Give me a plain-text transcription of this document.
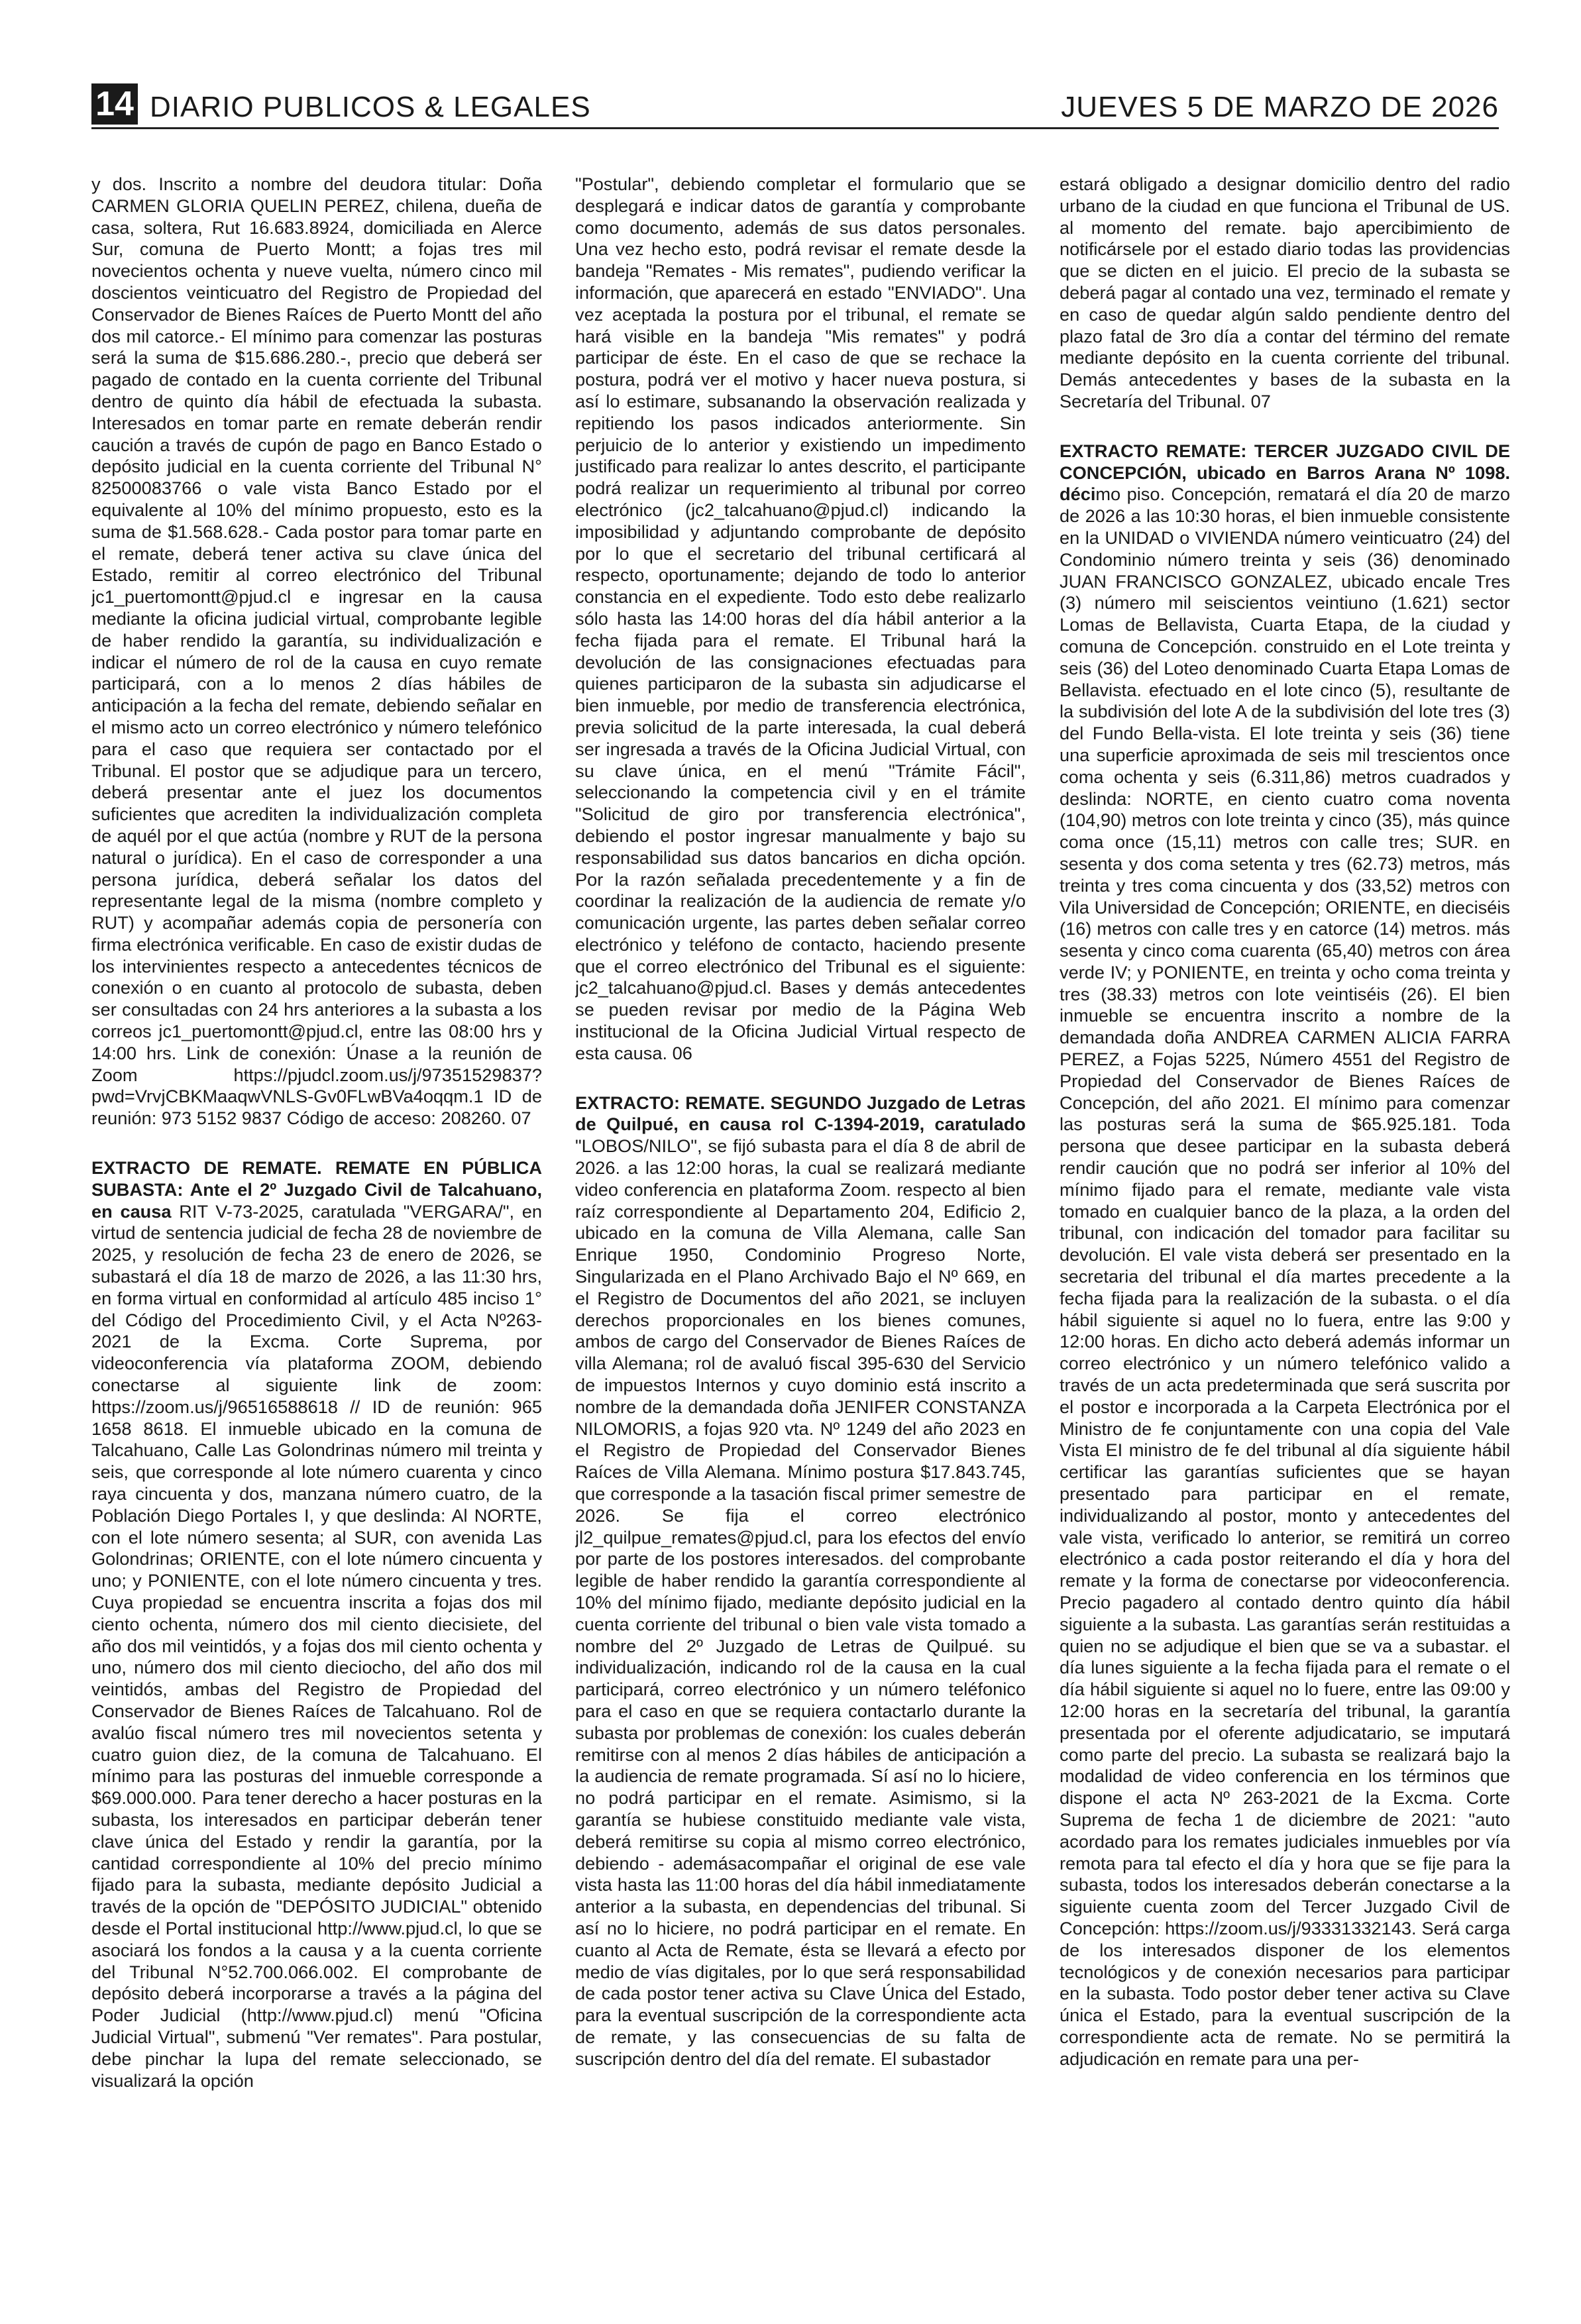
14 DIARIO PUBLICOS & LEGALES	JUEVES 5 DE MARZO DE 2026

y dos. Inscrito a nombre del deudora titular: Doña CARMEN GLORIA QUELIN PEREZ, chilena, dueña de casa, soltera, Rut 16.683.8924, domiciliada en Alerce Sur, comuna de Puerto Montt; a fojas tres mil novecientos ochenta y nueve vuelta, número cinco mil doscientos veinticuatro del Registro de Propiedad del Conservador de Bienes Raíces de Puerto Montt del año dos mil catorce.- El mínimo para comenzar las posturas será la suma de $15.686.280.-, precio que deberá ser pagado de contado en la cuenta corriente del Tribunal dentro de quinto día hábil de efectuada la subasta. Interesados en tomar parte en remate deberán rendir caución a través de cupón de pago en Banco Estado o depósito judicial en la cuenta corriente del Tribunal N° 82500083766 o vale vista Banco Estado por el equivalente al 10% del mínimo propuesto, esto es la suma de $1.568.628.- Cada postor para tomar parte en el remate, deberá tener activa su clave única del Estado, remitir al correo electrónico del Tribunal jc1_puertomontt@pjud.cl e ingresar en la causa mediante la oficina judicial virtual, comprobante legible de haber rendido la garantía, su individualización e indicar el número de rol de la causa en cuyo remate participará, con a lo menos 2 días hábiles de anticipación a la fecha del remate, debiendo señalar en el mismo acto un correo electrónico y número telefónico para el caso que requiera ser contactado por el Tribunal. El postor que se adjudique para un tercero, deberá presentar ante el juez los documentos suficientes que acrediten la individualización completa de aquél por el que actúa (nombre y RUT de la persona natural o jurídica). En el caso de corresponder a una persona jurídica, deberá señalar los datos del representante legal de la misma (nombre completo y RUT) y acompañar además copia de personería con firma electrónica verificable. En caso de existir dudas de los intervinientes respecto a antecedentes técnicos de conexión o en cuanto al protocolo de subasta, deben ser consultadas con 24 hrs anteriores a la subasta a los correos jc1_puertomontt@pjud.cl, entre las 08:00 hrs y 14:00 hrs. Link de conexión: Únase a la reunión de Zoom https://pjudcl.zoom.us/j/97351529837?pwd=VrvjCBKMaaqwVNLS-Gv0FLwBVa4oqqm.1 ID de reunión: 973 5152 9837 Código de acceso: 208260. 07

EXTRACTO DE REMATE. REMATE EN PÚBLICA SUBASTA: Ante el 2º Juzgado Civil de Talcahuano, en causa RIT V-73-2025, caratulada "VERGARA/", en virtud de sentencia judicial de fecha 28 de noviembre de 2025, y resolución de fecha 23 de enero de 2026, se subastará el día 18 de marzo de 2026, a las 11:30 hrs, en forma virtual en conformidad al artículo 485 inciso 1° del Código del Procedimiento Civil, y el Acta Nº263- 2021 de la Excma. Corte Suprema, por videoconferencia vía plataforma ZOOM, debiendo conectarse al siguiente link de zoom: https://zoom.us/j/96516588618 // ID de reunión: 965 1658 8618. El inmueble ubicado en la comuna de Talcahuano, Calle Las Golondrinas número mil treinta y seis, que corresponde al lote número cuarenta y cinco raya cincuenta y dos, manzana número cuatro, de la Población Diego Portales I, y que deslinda: Al NORTE, con el lote número sesenta; al SUR, con avenida Las Golondrinas; ORIENTE, con el lote número cincuenta y uno; y PONIENTE, con el lote número cincuenta y tres. Cuya propiedad se encuentra inscrita a fojas dos mil ciento ochenta, número dos mil ciento diecisiete, del año dos mil veintidós, y a fojas dos mil ciento ochenta y uno, número dos mil ciento dieciocho, del año dos mil veintidós, ambas del Registro de Propiedad del Conservador de Bienes Raíces de Talcahuano. Rol de avalúo fiscal número tres mil novecientos setenta y cuatro guion diez, de la comuna de Talcahuano. El mínimo para las posturas del inmueble corresponde a $69.000.000. Para tener derecho a hacer posturas en la subasta, los interesados en participar deberán tener clave única del Estado y rendir la garantía, por la cantidad correspondiente al 10% del precio mínimo fijado para la subasta, mediante depósito Judicial a través de la opción de "DEPÓSITO JUDICIAL" obtenido desde el Portal institucional http://www.pjud.cl, lo que se asociará los fondos a la causa y a la cuenta corriente del Tribunal N°52.700.066.002. El comprobante de depósito deberá incorporarse a través a la página del Poder Judicial (http://www.pjud.cl) menú "Oficina Judicial Virtual", submenú "Ver remates". Para postular, debe pinchar la lupa del remate seleccionado, se visualizará la opción

"Postular", debiendo completar el formulario que se desplegará e indicar datos de garantía y comprobante como documento, además de sus datos personales. Una vez hecho esto, podrá revisar el remate desde la bandeja "Remates - Mis remates", pudiendo verificar la información, que aparecerá en estado "ENVIADO". Una vez aceptada la postura por el tribunal, el remate se hará visible en la bandeja "Mis remates" y podrá participar de éste. En el caso de que se rechace la postura, podrá ver el motivo y hacer nueva postura, si así lo estimare, subsanando la observación realizada y repitiendo los pasos indicados anteriormente. Sin perjuicio de lo anterior y existiendo un impedimento justificado para realizar lo antes descrito, el participante podrá realizar un requerimiento al tribunal por correo electrónico (jc2_talcahuano@pjud.cl) indicando la imposibilidad y adjuntando comprobante de depósito por lo que el secretario del tribunal certificará al respecto, oportunamente; dejando de todo lo anterior constancia en el expediente. Todo esto debe realizarlo sólo hasta las 14:00 horas del día hábil anterior a la fecha fijada para el remate. El Tribunal hará la devolución de las consignaciones efectuadas para quienes participaron de la subasta sin adjudicarse el bien inmueble, por medio de transferencia electrónica, previa solicitud de la parte interesada, la cual deberá ser ingresada a través de la Oficina Judicial Virtual, con su clave única, en el menú "Trámite Fácil", seleccionando la competencia civil y en el trámite "Solicitud de giro por transferencia electrónica", debiendo el postor ingresar manualmente y bajo su responsabilidad sus datos bancarios en dicha opción. Por la razón señalada precedentemente y a fin de coordinar la realización de la audiencia de remate y/o comunicación urgente, las partes deben señalar correo electrónico y teléfono de contacto, haciendo presente que el correo electrónico del Tribunal es el siguiente: jc2_talcahuano@pjud.cl. Bases y demás antecedentes se pueden revisar por medio de la Página Web institucional de la Oficina Judicial Virtual respecto de esta causa. 06

EXTRACTO: REMATE. SEGUNDO Juzgado de Letras de Quilpué, en causa rol C-1394-2019, caratulado "LOBOS/NILO", se fijó subasta para el día 8 de abril de 2026. a las 12:00 horas, la cual se realizará mediante video conferencia en plataforma Zoom. respecto al bien raíz correspondiente al Departamento 204, Edificio 2, ubicado en la comuna de Villa Alemana, calle San Enrique 1950, Condominio Progreso Norte, Singularizada en el Plano Archivado Bajo el Nº 669, en el Registro de Documentos del año 2021, se incluyen derechos proporcionales en los bienes comunes, ambos de cargo del Conservador de Bienes Raíces de villa Alemana; rol de avaluó fiscal 395-630 del Servicio de impuestos Internos y cuyo dominio está inscrito a nombre de la demandada doña JENIFER CONSTANZA NILOMORIS, a fojas 920 vta. Nº 1249 del año 2023 en el Registro de Propiedad del Conservador Bienes Raíces de Villa Alemana. Mínimo postura $17.843.745, que corresponde a la tasación fiscal primer semestre de 2026. Se fija el correo electrónico jl2_quilpue_remates@pjud.cl, para los efectos del envío por parte de los postores interesados. del comprobante legible de haber rendido la garantía correspondiente al 10% del mínimo fijado, mediante depósito judicial en la cuenta corriente del tribunal o bien vale vista tomado a nombre del 2º Juzgado de Letras de Quilpué. su individualización, indicando rol de la causa en la cual participará, correo electrónico y un número teléfonico para el caso en que se requiera contactarlo durante la subasta por problemas de conexión: los cuales deberán remitirse con al menos 2 días hábiles de anticipación a la audiencia de remate programada. Sí así no lo hiciere, no podrá participar en el remate. Asimismo, si la garantía se hubiese constituido mediante vale vista, deberá remitirse su copia al mismo correo electrónico, debiendo - ademásacompañar el original de ese vale vista hasta las 11:00 horas del día hábil inmediatamente anterior a la subasta, en dependencias del tribunal. Si así no lo hiciere, no podrá participar en el remate. En cuanto al Acta de Remate, ésta se llevará a efecto por medio de vías digitales, por lo que será responsabilidad de cada postor tener activa su Clave Única del Estado, para la eventual suscripción de la correspondiente acta de remate, y las consecuencias de su falta de suscripción dentro del día del remate. El subastador

estará obligado a designar domicilio dentro del radio urbano de la ciudad en que funciona el Tribunal de US. al momento del remate. bajo apercibimiento de notificársele por el estado diario todas las providencias que se dicten en el juicio. El precio de la subasta se deberá pagar al contado una vez, terminado el remate y en caso de quedar algún saldo pendiente dentro del plazo fatal de 3ro día a contar del término del remate mediante depósito en la cuenta corriente del tribunal. Demás antecedentes y bases de la subasta en la Secretaría del Tribunal. 07

EXTRACTO REMATE: TERCER JUZGADO CIVIL DE CONCEPCIÓN, ubicado en Barros Arana Nº 1098. décimo piso. Concepción, rematará el día 20 de marzo de 2026 a las 10:30 horas, el bien inmueble consistente en la UNIDAD o VIVIENDA número veinticuatro (24) del Condominio número treinta y seis (36) denominado JUAN FRANCISCO GONZALEZ, ubicado encale Tres (3) número mil seiscientos veintiuno (1.621) sector Lomas de Bellavista, Cuarta Etapa, de la ciudad y comuna de Concepción. construido en el Lote treinta y seis (36) del Loteo denominado Cuarta Etapa Lomas de Bellavista. efectuado en el lote cinco (5), resultante de la subdivisión del lote A de la subdivisión del lote tres (3) del Fundo Bella-vista. El lote treinta y seis (36) tiene una superficie aproximada de seis mil trescientos once coma ochenta y seis (6.311,86) metros cuadrados y deslinda: NORTE, en ciento cuatro coma noventa (104,90) metros con lote treinta y cinco (35), más quince coma once (15,11) metros con calle tres; SUR. en sesenta y dos coma setenta y tres (62.73) metros, más treinta y tres coma cincuenta y dos (33,52) metros con Vila Universidad de Concepción; ORIENTE, en dieciséis (16) metros con calle tres y en catorce (14) metros. más sesenta y cinco coma cuarenta (65,40) metros con área verde IV; y PONIENTE, en treinta y ocho coma treinta y tres (38.33) metros con lote veintiséis (26). El bien inmueble se encuentra inscrito a nombre de la demandada doña ANDREA CARMEN ALICIA FARRA PEREZ, a Fojas 5225, Número 4551 del Registro de Propiedad del Conservador de Bienes Raíces de Concepción, del año 2021. El mínimo para comenzar las posturas será la suma de $65.925.181. Toda persona que desee participar en la subasta deberá rendir caución que no podrá ser inferior al 10% del mínimo fijado para el remate, mediante vale vista tomado en cualquier banco de la plaza, a la orden del tribunal, con indicación del tomador para facilitar su devolución. El vale vista deberá ser presentado en la secretaria del tribunal el día martes precedente a la fecha fijada para la realización de la subasta. o el día hábil siguiente si aquel no lo fuera, entre las 9:00 y 12:00 horas. En dicho acto deberá además informar un correo electrónico y un número telefónico valido a través de un acta predeterminada que será suscrita por el postor e incorporada a la Carpeta Electrónica por el Ministro de fe conjuntamente con una copia del Vale Vista EI ministro de fe del tribunal al día siguiente hábil certificar las garantías suficientes que se hayan presentado para participar en el remate, individualizando al postor, monto y antecedentes del vale vista, verificado lo anterior, se remitirá un correo electrónico a cada postor reiterando el día y hora del remate y la forma de conectarse por videoconferencia. Precio pagadero al contado dentro quinto día hábil siguiente a la subasta. Las garantías serán restituidas a quien no se adjudique el bien que se va a subastar. el día lunes siguiente a la fecha fijada para el remate o el día hábil siguiente si aquel no lo fuere, entre las 09:00 y 12:00 horas en la secretaría del tribunal, la garantía presentada por el oferente adjudicatario, se imputará como parte del precio. La subasta se realizará bajo la modalidad de video conferencia en los términos que dispone el acta Nº 263-2021 de la Excma. Corte Suprema de fecha 1 de diciembre de 2021: "auto acordado para los remates judiciales inmuebles por vía remota para tal efecto el día y hora que se fije para la subasta, todos los interesados deberán conectarse a la siguiente cuenta zoom del Tercer Juzgado Civil de Concepción: https://zoom.us/j/93331332143. Será carga de los interesados disponer de los elementos tecnológicos y de conexión necesarios para participar en la subasta. Todo postor deber tener activa su Clave única el Estado, para la eventual suscripción de la correspondiente acta de remate. No se permitirá la adjudicación en remate para una per-
